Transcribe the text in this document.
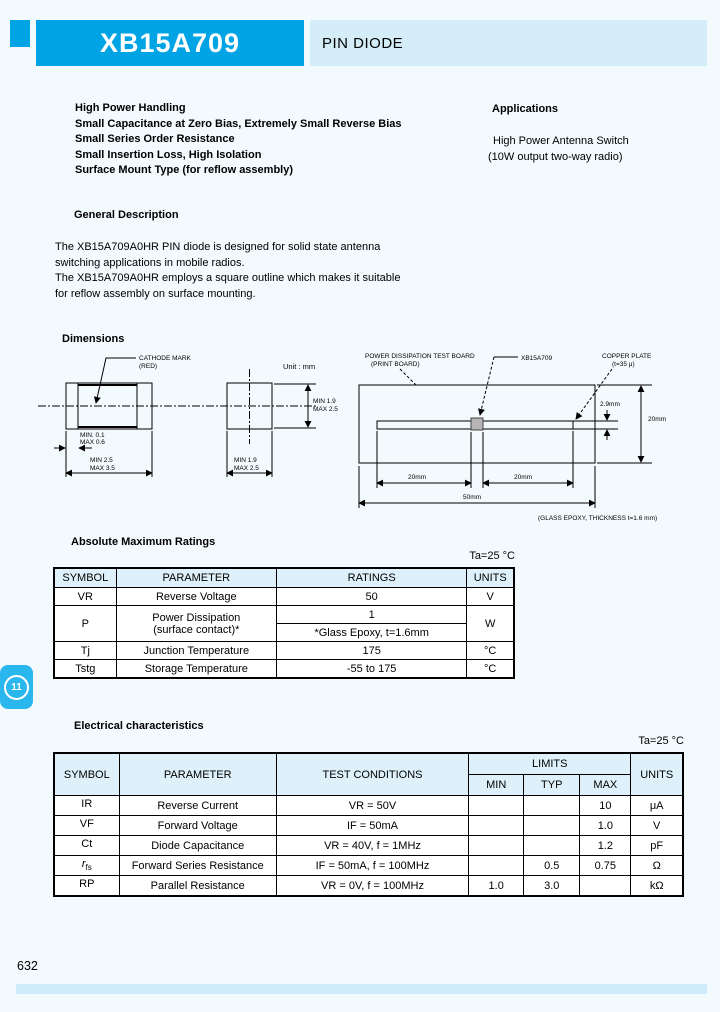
XB15A709	PIN DIODE
High Power Handling
Small Capacitance at Zero Bias, Extremely Small Reverse Bias
Small Series Order Resistance
Small Insertion Loss, High Isolation
Surface Mount Type (for reflow assembly)
Applications
High Power Antenna Switch
(10W output two-way radio)
General Description
The XB15A709A0HR PIN diode is designed for solid state antenna
switching applications in mobile radios.
The XB15A709A0HR employs a square outline which makes it suitable
for reflow assembly on surface mounting.
Dimensions
CATHODE MARK
(RED)
MIN. 0.1
MAX 0.6
MIN 2.5
MAX 3.5
MIN 1.9
MAX 2.5
MIN 1.9
MAX 2.5
Unit : mm
POWER DISSIPATION TEST BOARD
(PRINT BOARD)
XB15A709	COPPER PLATE
(t=35 μ)
2.9mm
20mm
20mm	20mm
50mm
(GLASS EPOXY, THICKNESS t=1.6 mm)
Absolute Maximum Ratings
Ta=25 °C
SYMBOL	PARAMETER	RATINGS	UNITS
VR	Reverse Voltage	50	V
P	Power Dissipation
(surface contact)*	1	W
		*Glass Epoxy, t=1.6mm	
Tj	Junction Temperature	175	°C
Tstg	Storage Temperature	-55 to 175	°C
Electrical characteristics
Ta=25 °C
SYMBOL	PARAMETER	TEST CONDITIONS	LIMITS			UNITS
			MIN	TYP	MAX	
IR	Reverse Current	VR = 50V			10	μA
VF	Forward Voltage	IF = 50mA			1.0	V
Ct	Diode Capacitance	VR = 40V, f = 1MHz			1.2	pF
$r_{fs}$	Forward Series Resistance	IF = 50mA, f = 100MHz		0.5	0.75	Ω
RP	Parallel Resistance	VR = 0V, f = 100MHz	1.0	3.0		kΩ
11
632
